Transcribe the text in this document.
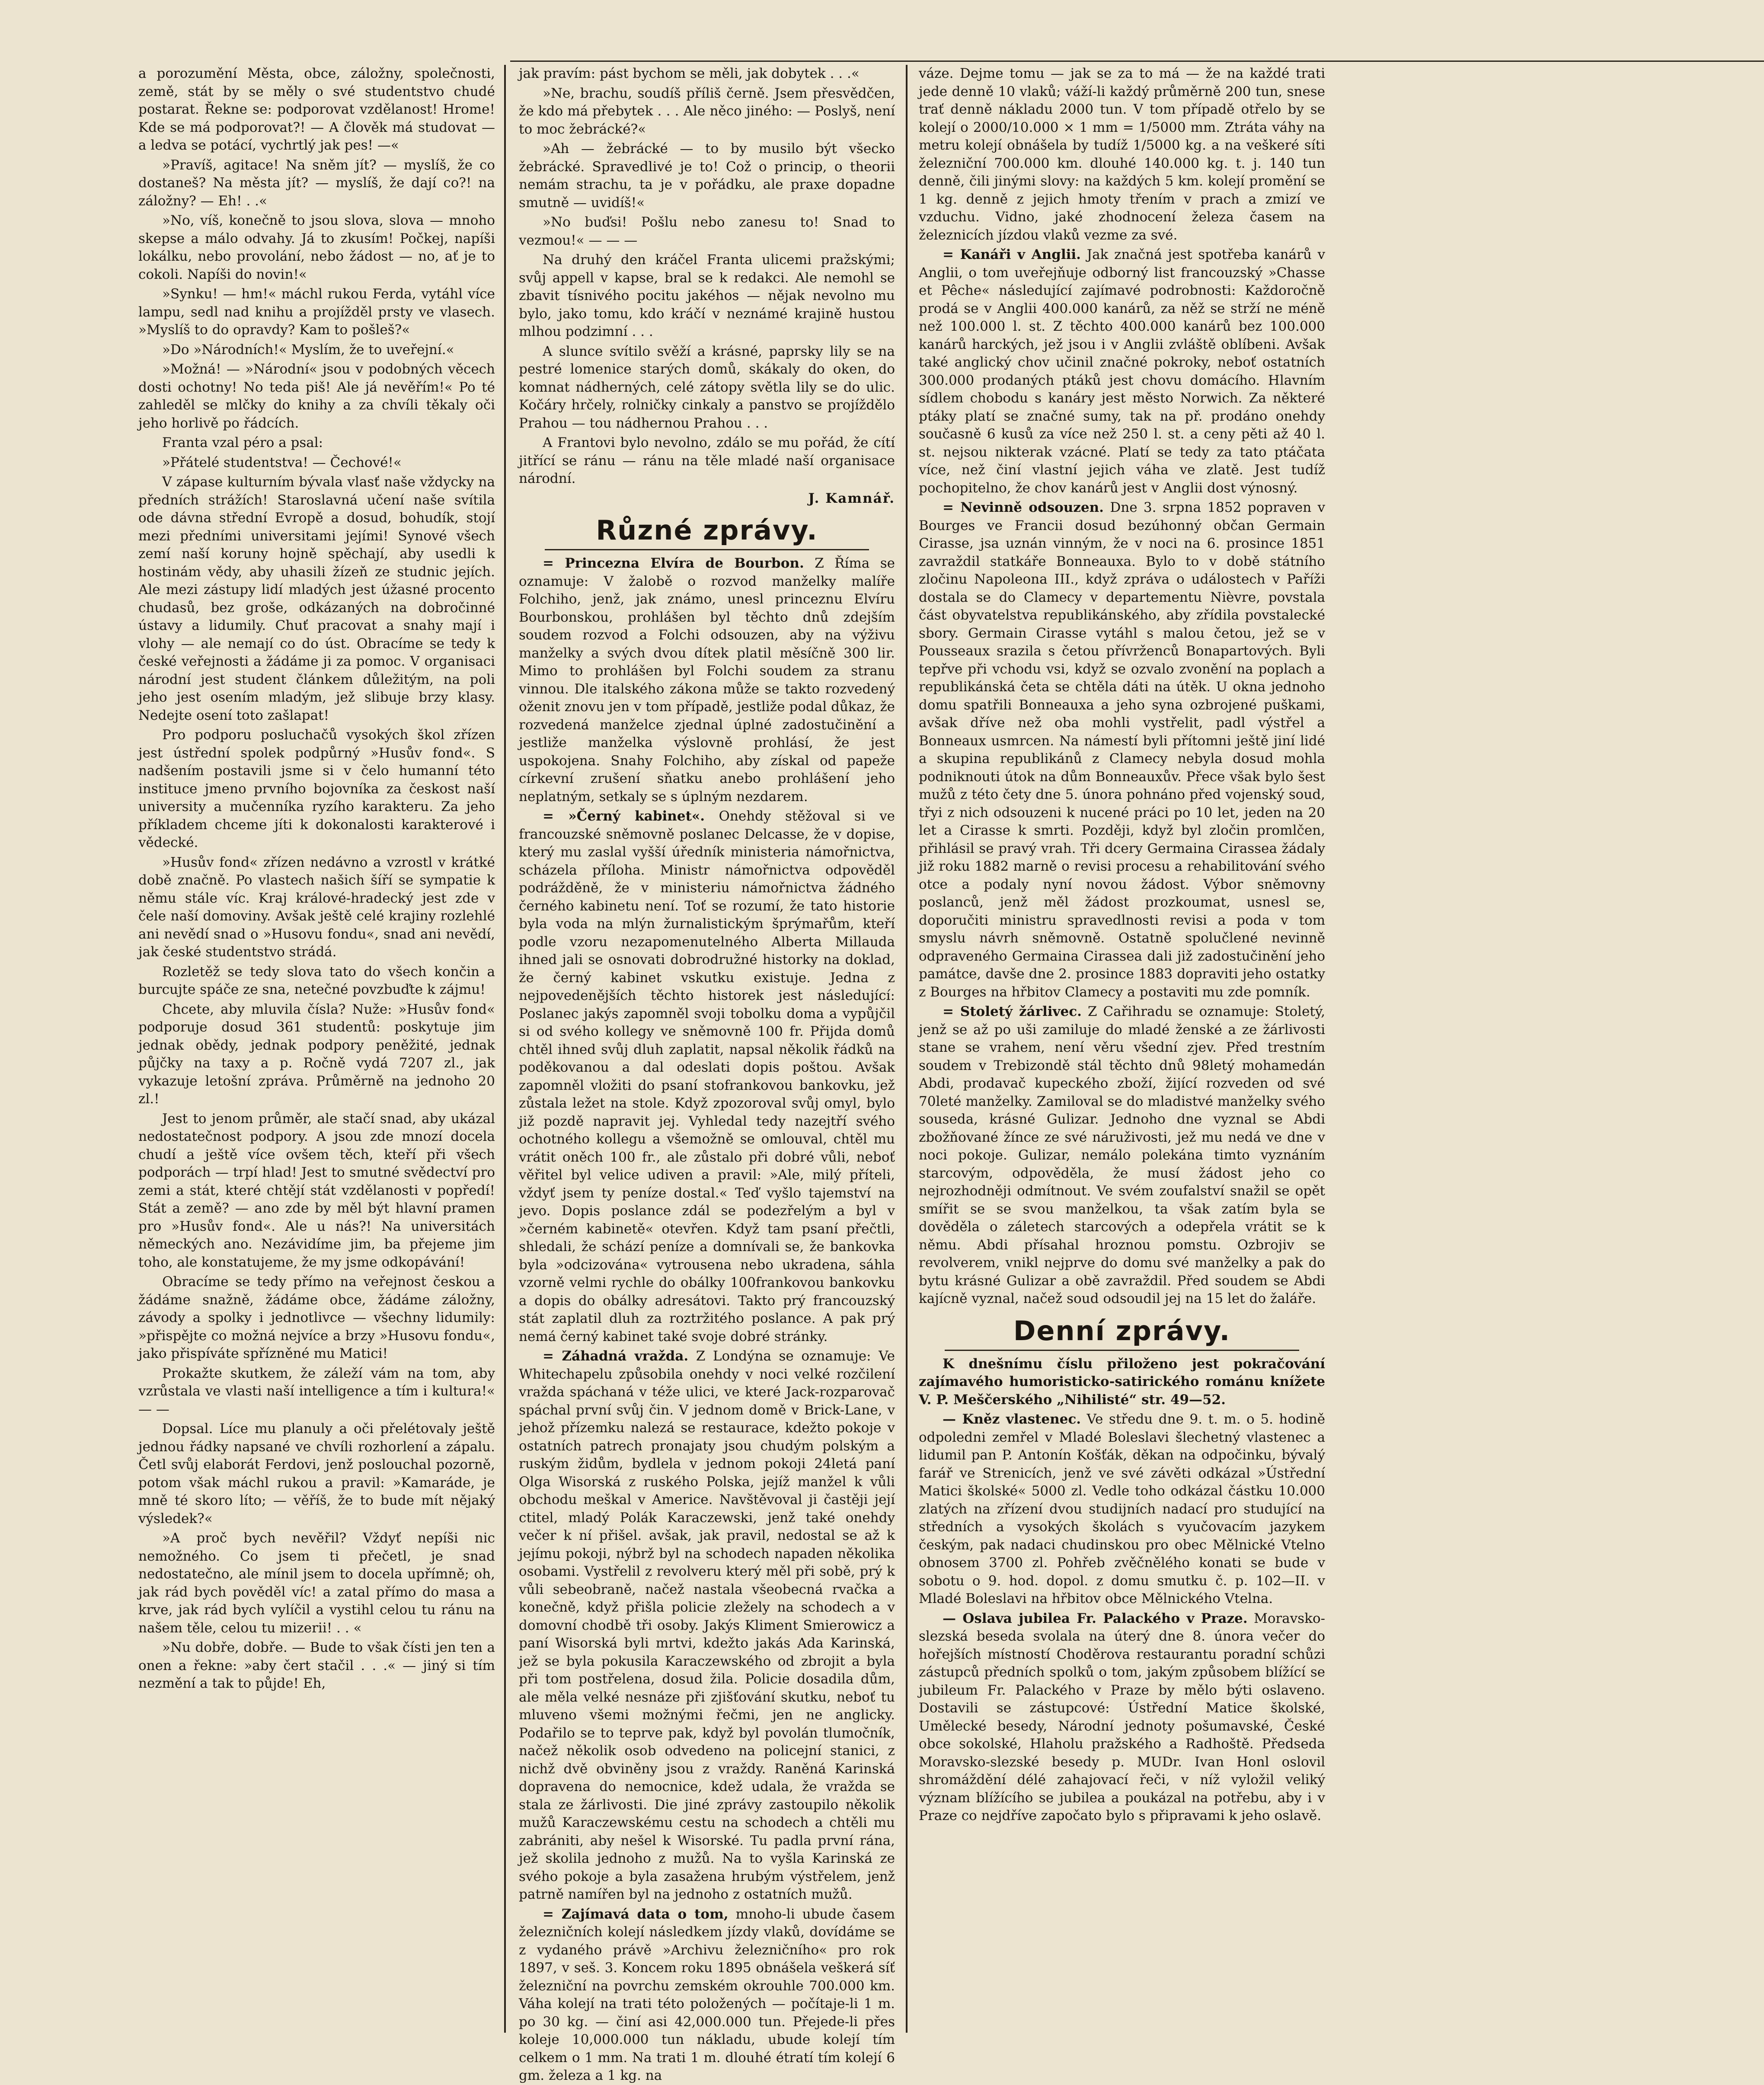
a porozumění Města, obce, záložny, společnosti, země, stát by se měly o své studentstvo chudé postarat. Řekne se: podporovat vzdělanost! Hrome! Kde se má podporovat?! — A člověk má studovat — a ledva se potácí, vychrtlý jak pes! —«

»Pravíš, agitace! Na sněm jít? — myslíš, že co dostaneš? Na města jít? — myslíš, že dají co?! na záložny? — Eh! . .«

»No, víš, konečně to jsou slova, slova — mnoho skepse a málo odvahy. Já to zkusím! Počkej, napíši lokálku, nebo provolání, nebo žádost — no, ať je to cokoli. Napíši do novin!«

»Synku! — hm!« máchl rukou Ferda, vytáhl více lampu, sedl nad knihu a projížděl prsty ve vlasech. »Myslíš to do opravdy? Kam to pošleš?«

»Do »Národních!« Myslím, že to uveřejní.«

»Možná! — »Národní« jsou v podobných věcech dosti ochotny! No teda piš! Ale já nevěřím!« Po té zahleděl se mlčky do knihy a za chvíli těkaly oči jeho horlivě po řádcích.

Franta vzal péro a psal:

»Přátelé studentstva! — Čechové!«

V zápase kulturním bývala vlasť naše vždycky na předních strážích! Staroslavná učení naše svítila ode dávna střední Evropě a dosud, bohudík, stojí mezi předními universitami jejími! Synové všech zemí naší koruny hojně spěchají, aby usedli k hostinám vědy, aby uhasili žízeň ze studnic jejích. Ale mezi zástupy lidí mladých jest úžasné procento chudasů, bez groše, odkázaných na dobročinné ústavy a lidumily. Chuť pracovat a snahy mají i vlohy — ale nemají co do úst. Obracíme se tedy k české veřejnosti a žádáme ji za pomoc. V organisaci národní jest student článkem důležitým, na poli jeho jest osením mladým, jež slibuje brzy klasy. Nedejte osení toto zašlapat!

Pro podporu posluchačů vysokých škol zřízen jest ústřední spolek podpůrný »Husův fond«. S nadšením postavili jsme si v čelo humanní této instituce jmeno prvního bojovníka za českost naší university a mučenníka ryzího karakteru. Za jeho příkladem chceme jíti k dokonalosti karakterové i vědecké.

»Husův fond« zřízen nedávno a vzrostl v krátké době značně. Po vlastech našich šíří se sympatie k němu stále víc. Kraj králové-hradecký jest zde v čele naší domoviny. Avšak ještě celé krajiny rozlehlé ani nevědí snad o »Husovu fondu«, snad ani nevědí, jak české studentstvo strádá.

Rozletěž se tedy slova tato do všech končin a burcujte spáče ze sna, netečné povzbuďte k zájmu!

Chcete, aby mluvila čísla? Nuže: »Husův fond« podporuje dosud 361 studentů: poskytuje jim jednak obědy, jednak podpory peněžité, jednak půjčky na taxy a p. Ročně vydá 7207 zl., jak vykazuje letošní zpráva. Průměrně na jednoho 20 zl.!

Jest to jenom průměr, ale stačí snad, aby ukázal nedostatečnost podpory. A jsou zde mnozí docela chudí a ještě více ovšem těch, kteří při všech podporách — trpí hlad! Jest to smutné svědectví pro zemi a stát, které chtějí stát vzdělanosti v popředí! Stát a země? — ano zde by měl být hlavní pramen pro »Husův fond«. Ale u nás?! Na universitách německých ano. Nezávidíme jim, ba přejeme jim toho, ale konstatujeme, že my jsme odkopávání!

Obracíme se tedy přímo na veřejnost českou a žádáme snažně, žádáme obce, žádáme záložny, závody a spolky i jednotlivce — všechny lidumily: »přispějte co možná nejvíce a brzy »Husovu fondu«, jako přispíváte spřízněné mu Matici!

Prokažte skutkem, že záleží vám na tom, aby vzrůstala ve vlasti naší intelligence a tím i kultura!« — —

Dopsal. Líce mu planuly a oči přelétovaly ještě jednou řádky napsané ve chvíli rozhorlení a zápalu. Četl svůj elaborát Ferdovi, jenž poslouchal pozorně, potom však máchl rukou a pravil: »Kamaráde, je mně té skoro líto; — věříš, že to bude mít nějaký výsledek?«

»A proč bych nevěřil? Vždyť nepíši nic nemožného. Co jsem ti přečetl, je snad nedostatečno, ale mínil jsem to docela upřímně; oh, jak rád bych pověděl víc! a zatal přímo do masa a krve, jak rád bych vylíčil a vystihl celou tu ránu na našem těle, celou tu mizerii! . . «

»Nu dobře, dobře. — Bude to však čísti jen ten a onen a řekne: »aby čert stačil . . .« — jiný si tím nezmění a tak to půjde! Eh,

jak pravím: pást bychom se měli, jak dobytek . . .«

»Ne, brachu, soudíš příliš černě. Jsem přesvědčen, že kdo má přebytek . . . Ale něco jiného: — Poslyš, není to moc žebrácké?«

»Ah — žebrácké — to by musilo být všecko žebrácké. Spravedlivé je to! Což o princip, o theorii nemám strachu, ta je v pořádku, ale praxe dopadne smutně — uvidíš!«

»No buďsi! Pošlu nebo zanesu to! Snad to vezmou!« — — —

Na druhý den kráčel Franta ulicemi pražskými; svůj appell v kapse, bral se k redakci. Ale nemohl se zbavit tísnivého pocitu jakéhos — nějak nevolno mu bylo, jako tomu, kdo kráčí v neznámé krajině hustou mlhou podzimní . . .

A slunce svítilo svěží a krásné, paprsky lily se na pestré lomenice starých domů, skákaly do oken, do komnat nádherných, celé zátopy světla lily se do ulic. Kočáry hrčely, rolničky cinkaly a panstvo se projíždělo Prahou — tou nádhernou Prahou . . .

A Frantovi bylo nevolno, zdálo se mu pořád, že cítí jitřící se ránu — ránu na těle mladé naší organisace národní.

J. Kamnář.

Různé zprávy.

= Princezna Elvíra de Bourbon. Z Říma se oznamuje: V žalobě o rozvod manželky malíře Folchiho, jenž, jak známo, unesl princeznu Elvíru Bourbonskou, prohlášen byl těchto dnů zdejším soudem rozvod a Folchi odsouzen, aby na výživu manželky a svých dvou dítek platil měsíčně 300 lir. Mimo to prohlášen byl Folchi soudem za stranu vinnou. Dle italského zákona může se takto rozvedený oženit znovu jen v tom případě, jestliže podal důkaz, že rozvedená manželce zjednal úplné zadostučinění a jestliže manželka výslovně prohlásí, že jest uspokojena. Snahy Folchiho, aby získal od papeže církevní zrušení sňatku anebo prohlášení jeho neplatným, setkaly se s úplným nezdarem.

= »Černý kabinet«. Onehdy stěžoval si ve francouzské sněmovně poslanec Delcasse, že v dopise, který mu zaslal vyšší úředník ministeria námořnictva, scházela příloha. Ministr námořnictva odpověděl podrážděně, že v ministeriu námořnictva žádného černého kabinetu není. Toť se rozumí, že tato historie byla voda na mlýn žurnalistickým šprýmařům, kteří podle vzoru nezapomenutelného Alberta Millauda ihned jali se osnovati dobrodružné historky na doklad, že černý kabinet vskutku existuje. Jedna z nejpovedenějších těchto historek jest následující: Poslanec jakýs zapomněl svoji tobolku doma a vypůjčil si od svého kollegy ve sněmovně 100 fr. Přijda domů chtěl ihned svůj dluh zaplatit, napsal několik řádků na poděkovanou a dal odeslati dopis poštou. Avšak zapomněl vložiti do psaní stofrankovou bankovku, jež zůstala ležet na stole. Když zpozoroval svůj omyl, bylo již pozdě napravit jej. Vyhledal tedy nazejtří svého ochotného kollegu a všemožně se omlouval, chtěl mu vrátit oněch 100 fr., ale zůstalo při dobré vůli, neboť věřitel byl velice udiven a pravil: »Ale, milý příteli, vždyť jsem ty peníze dostal.« Teď vyšlo tajemství na jevo. Dopis poslance zdál se podezřelým a byl v »černém kabinetě« otevřen. Když tam psaní přečtli, shledali, že schází peníze a domnívali se, že bankovka byla »odcizována« vytrousena nebo ukradena, sáhla vzorně velmi rychle do obálky 100frankovou bankovku a dopis do obálky adresátovi. Takto prý francouzský stát zaplatil dluh za roztržitého poslance. A pak prý nemá černý kabinet také svoje dobré stránky.

= Záhadná vražda. Z Londýna se oznamuje: Ve Whitechapelu způsobila onehdy v noci velké rozčilení vražda spáchaná v téže ulici, ve které Jack-rozparovač spáchal první svůj čin. V jednom domě v Brick-Lane, v jehož přízemku nalezá se restaurace, kdežto pokoje v ostatních patrech pronajaty jsou chudým polským a ruským židům, bydlela v jednom pokoji 24letá paní Olga Wisorská z ruského Polska, jejíž manžel k vůli obchodu meškal v Americe. Navštěvoval ji častěji její ctitel, mladý Polák Karaczewski, jenž také onehdy večer k ní přišel. avšak, jak pravil, nedostal se až k jejímu pokoji, nýbrž byl na schodech napaden několika osobami. Vystřelil z revolveru který měl při sobě, prý k vůli sebeobraně, načež nastala všeobecná rvačka a konečně, když přišla policie zležely na schodech a v domovní chodbě tři osoby. Jakýs Kliment Smierowicz a paní Wisorská byli mrtvi, kdežto jakás Ada Karinská, jež se byla pokusila Karaczewského od zbrojit a byla při tom postřelena, dosud žila. Policie dosadila dům, ale měla velké nesnáze při zjišťování skutku, neboť tu mluveno všemi možnými řečmi, jen ne anglicky. Podařilo se to teprve pak, když byl povolán tlumočník, načež několik osob odvedeno na policejní stanici, z nichž dvě obviněny jsou z vraždy. Raněná Karinská dopravena do nemocnice, kdež udala, že vražda se stala ze žárlivosti. Die jiné zprávy zastoupilo několik mužů Karaczewskému cestu na schodech a chtěli mu zabrániti, aby nešel k Wisorské. Tu padla první rána, jež skolila jednoho z mužů. Na to vyšla Karinská ze svého pokoje a byla zasažena hrubým výstřelem, jenž patrně namířen byl na jednoho z ostatních mužů.

= Zajímavá data o tom, mnoho-li ubude časem železničních kolejí následkem jízdy vlaků, dovídáme se z vydaného právě »Archivu železničního« pro rok 1897, v seš. 3. Koncem roku 1895 obnášela veškerá síť železniční na povrchu zemském okrouhle 700.000 km. Váha kolejí na trati této položených — počítaje-li 1 m. po 30 kg. — činí asi 42,000.000 tun. Přejede-li přes koleje 10,000.000 tun nákladu, ubude kolejí tím celkem o 1 mm. Na trati 1 m. dlouhé étratí tím kolejí 6 gm. železa a 1 kg. na

váze. Dejme tomu — jak se za to má — že na každé trati jede denně 10 vlaků; váží-li každý průměrně 200 tun, snese trať denně nákladu 2000 tun. V tom případě otřelo by se kolejí o 2000/10.000 × 1 mm = 1/5000 mm. Ztráta váhy na metru kolejí obnášela by tudíž 1/5000 kg. a na veškeré síti železniční 700.000 km. dlouhé 140.000 kg. t. j. 140 tun denně, čili jinými slovy: na každých 5 km. kolejí promění se 1 kg. denně z jejich hmoty třením v prach a zmizí ve vzduchu. Vidno, jaké zhodnocení železa časem na železnicích jízdou vlaků vezme za své.

= Kanáři v Anglii. Jak značná jest spotřeba kanárů v Anglii, o tom uveřejňuje odborný list francouzský »Chasse et Pêche« následující zajímavé podrobnosti: Každoročně prodá se v Anglii 400.000 kanárů, za něž se strží ne méně než 100.000 l. st. Z těchto 400.000 kanárů bez 100.000 kanárů harckých, jež jsou i v Anglii zvláště oblíbeni. Avšak také anglický chov učinil značné pokroky, neboť ostatních 300.000 prodaných ptáků jest chovu domácího. Hlavním sídlem chobodu s kanáry jest město Norwich. Za některé ptáky platí se značné sumy, tak na př. prodáno onehdy současně 6 kusů za více než 250 l. st. a ceny pěti až 40 l. st. nejsou nikterak vzácné. Platí se tedy za tato ptáčata více, než činí vlastní jejich váha ve zlatě. Jest tudíž pochopitelno, že chov kanárů jest v Anglii dost výnosný.

= Nevinně odsouzen. Dne 3. srpna 1852 popraven v Bourges ve Francii dosud bezúhonný občan Germain Cirasse, jsa uznán vinným, že v noci na 6. prosince 1851 zavraždil statkáře Bonneauxa. Bylo to v době státního zločinu Napoleona III., když zpráva o událostech v Paříži dostala se do Clamecy v departementu Nièvre, povstala část obyvatelstva republikánského, aby zřídila povstalecké sbory. Germain Cirasse vytáhl s malou četou, jež se v Pousseaux srazila s četou přívrženců Bonapartových. Byli tepřve při vchodu vsi, když se ozvalo zvonění na poplach a republikánská četa se chtěla dáti na útěk. U okna jednoho domu spatřili Bonneauxa a jeho syna ozbrojené puškami, avšak dříve než oba mohli vystřelit, padl výstřel a Bonneaux usmrcen. Na námestí byli přítomni ještě jiní lidé a skupina republikánů z Clamecy nebyla dosud mohla podniknouti útok na dům Bonneauxův. Přece však bylo šest mužů z této čety dne 5. února pohnáno před vojenský soud, třyi z nich odsouzeni k nucené práci po 10 let, jeden na 20 let a Cirasse k smrti. Později, když byl zločin promlčen, přihlásil se pravý vrah. Tři dcery Germaina Cirassea žádaly již roku 1882 marně o revisi procesu a rehabilitování svého otce a podaly nyní novou žádost. Výbor sněmovny poslanců, jenž měl žádost prozkoumat, usnesl se, doporučiti ministru spravedlnosti revisi a poda v tom smyslu návrh sněmovně. Ostatně spolučlené nevinně odpraveného Germaina Cirassea dali již zadostučinění jeho památce, davše dne 2. prosince 1883 dopraviti jeho ostatky z Bourges na hřbitov Clamecy a postaviti mu zde pomník.

= Stoletý žárlivec. Z Cařihradu se oznamuje: Stoletý, jenž se až po uši zamiluje do mladé ženské a ze žárlivosti stane se vrahem, není věru všední zjev. Před trestním soudem v Trebizondě stál těchto dnů 98letý mohamedán Abdi, prodavač kupeckého zboží, žijící rozveden od své 70leté manželky. Zamiloval se do mladistvé manželky svého souseda, krásné Gulizar. Jednoho dne vyznal se Abdi zbožňované žínce ze své náruživosti, jež mu nedá ve dne v noci pokoje. Gulizar, nemálo polekána timto vyznáním starcovým, odpověděla, že musí žádost jeho co nejrozhodněji odmítnout. Ve svém zoufalství snažil se opět smířit se se svou manželkou, ta však zatím byla se dověděla o záletech starcových a odepřela vrátit se k němu. Abdi přísahal hroznou pomstu. Ozbrojiv se revolverem, vnikl nejprve do domu své manželky a pak do bytu krásné Gulizar a obě zavraždil. Před soudem se Abdi kajícně vyznal, načež soud odsoudil jej na 15 let do žaláře.

Denní zprávy.

K dnešnímu číslu přiloženo jest pokračování zajímavého humoristicko-satirického románu knížete V. P. Meščerského „Nihilisté“ str. 49—52.

— Kněz vlastenec. Ve středu dne 9. t. m. o 5. hodině odpoledni zemřel v Mladé Boleslavi šlechetný vlastenec a lidumil pan P. Antonín Košťák, děkan na odpočinku, bývalý farář ve Strenicích, jenž ve své závěti odkázal »Ústřední Matici školské« 5000 zl. Vedle toho odkázal částku 10.000 zlatých na zřízení dvou studijních nadací pro studující na středních a vysokých školách s vyučovacím jazykem českým, pak nadaci chudinskou pro obec Mělnické Vtelno obnosem 3700 zl. Pohřeb zvěčnělého konati se bude v sobotu o 9. hod. dopol. z domu smutku č. p. 102—II. v Mladé Boleslavi na hřbitov obce Mělnického Vtelna.

— Oslava jubilea Fr. Palackého v Praze. Moravsko-slezská beseda svolala na úterý dne 8. února večer do hořejších místností Choděrova restaurantu poradní schůzi zástupců předních spolků o tom, jakým způsobem blížící se jubileum Fr. Palackého v Praze by mělo býti oslaveno. Dostavili se zástupcové: Ústřední Matice školské, Umělecké besedy, Národní jednoty pošumavské, České obce sokolské, Hlaholu pražského a Radhoště. Předseda Moravsko-slezské besedy p. MUDr. Ivan Honl oslovil shromáždění délé zahajovací řeči, v níž vyložil veliký význam blížícího se jubilea a poukázal na potřebu, aby i v Praze co nejdříve započato bylo s připravami k jeho oslavě.
